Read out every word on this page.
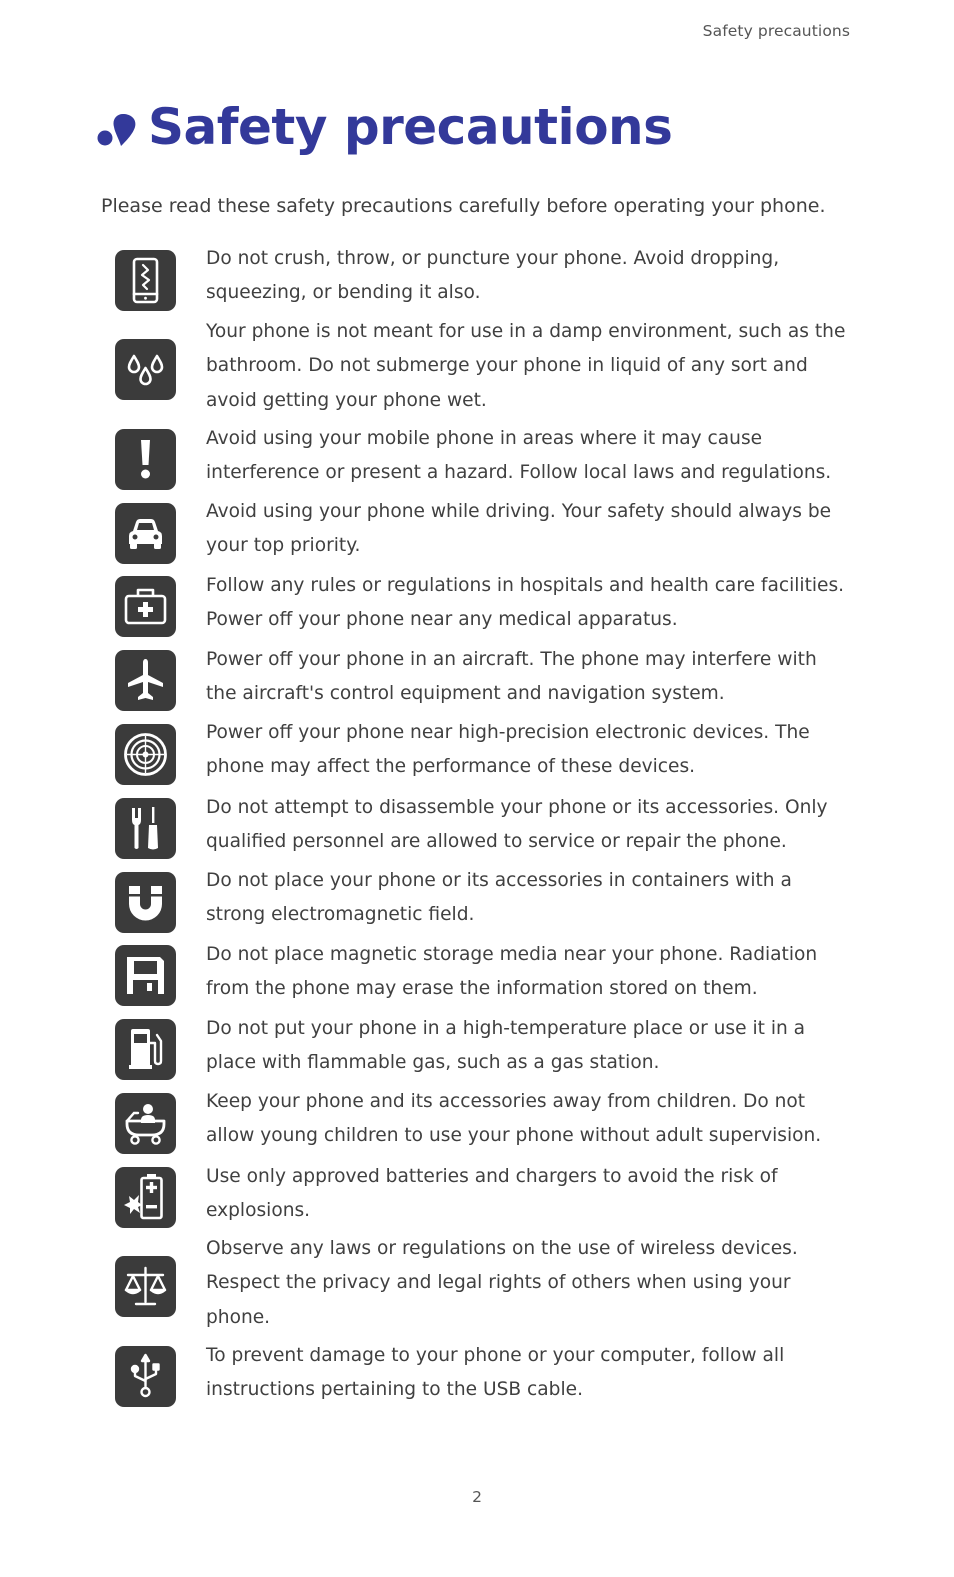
Safety precautions
Safety precautions
Please read these safety precautions carefully before operating your phone.
Do not crush, throw, or puncture your phone. Avoid dropping,
squeezing, or bending it also.
Your phone is not meant for use in a damp environment, such as the
bathroom. Do not submerge your phone in liquid of any sort and
avoid getting your phone wet.
Avoid using your mobile phone in areas where it may cause
interference or present a hazard. Follow local laws and regulations.
Avoid using your phone while driving. Your safety should always be
your top priority.
Follow any rules or regulations in hospitals and health care facilities.
Power off your phone near any medical apparatus.
Power off your phone in an aircraft. The phone may interfere with
the aircraft's control equipment and navigation system.
Power off your phone near high-precision electronic devices. The
phone may affect the performance of these devices.
Do not attempt to disassemble your phone or its accessories. Only
qualified personnel are allowed to service or repair the phone.
Do not place your phone or its accessories in containers with a
strong electromagnetic field.
Do not place magnetic storage media near your phone. Radiation
from the phone may erase the information stored on them.
Do not put your phone in a high-temperature place or use it in a
place with flammable gas, such as a gas station.
Keep your phone and its accessories away from children. Do not
allow young children to use your phone without adult supervision.
Use only approved batteries and chargers to avoid the risk of
explosions.
Observe any laws or regulations on the use of wireless devices.
Respect the privacy and legal rights of others when using your
phone.
To prevent damage to your phone or your computer, follow all
instructions pertaining to the USB cable.
2
